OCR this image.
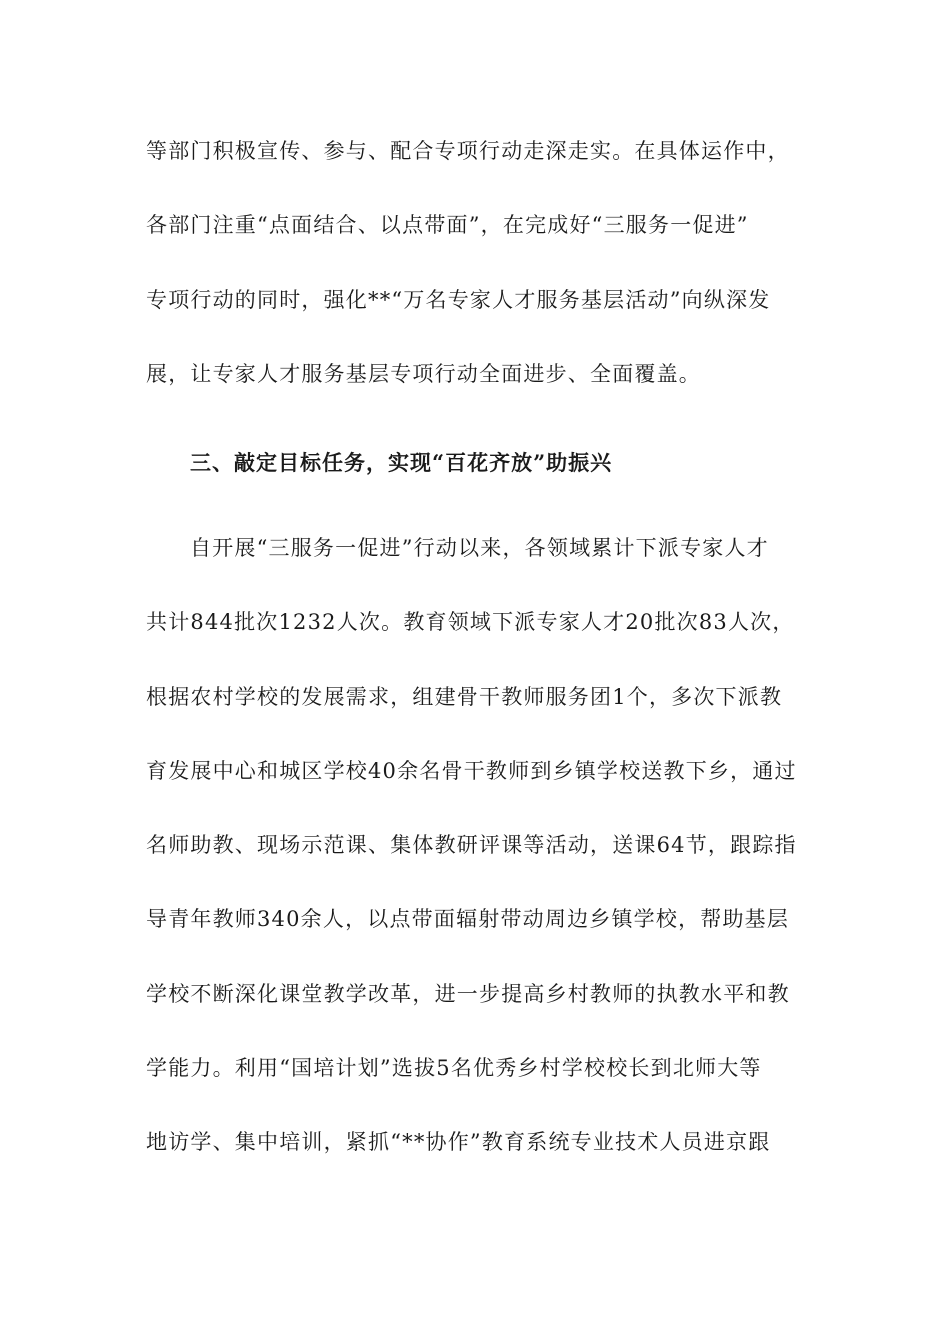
等部门积极宣传、参与、配合专项行动走深走实。在具体运作中，
各部门注重“点面结合、以点带面”，在完成好“三服务一促进”
专项行动的同时，强化**“万名专家人才服务基层活动”向纵深发
展，让专家人才服务基层专项行动全面进步、全面覆盖。
三、敲定目标任务，实现“百花齐放”助振兴
自开展“三服务一促进”行动以来，各领域累计下派专家人才
共计844批次1232人次。教育领域下派专家人才20批次83人次，
根据农村学校的发展需求，组建骨干教师服务团1个，多次下派教
育发展中心和城区学校40余名骨干教师到乡镇学校送教下乡，通过
名师助教、现场示范课、集体教研评课等活动，送课64节，跟踪指
导青年教师340余人，以点带面辐射带动周边乡镇学校，帮助基层
学校不断深化课堂教学改革，进一步提高乡村教师的执教水平和教
学能力。利用“国培计划”选拔5名优秀乡村学校校长到北师大等
地访学、集中培训，紧抓“**协作”教育系统专业技术人员进京跟
